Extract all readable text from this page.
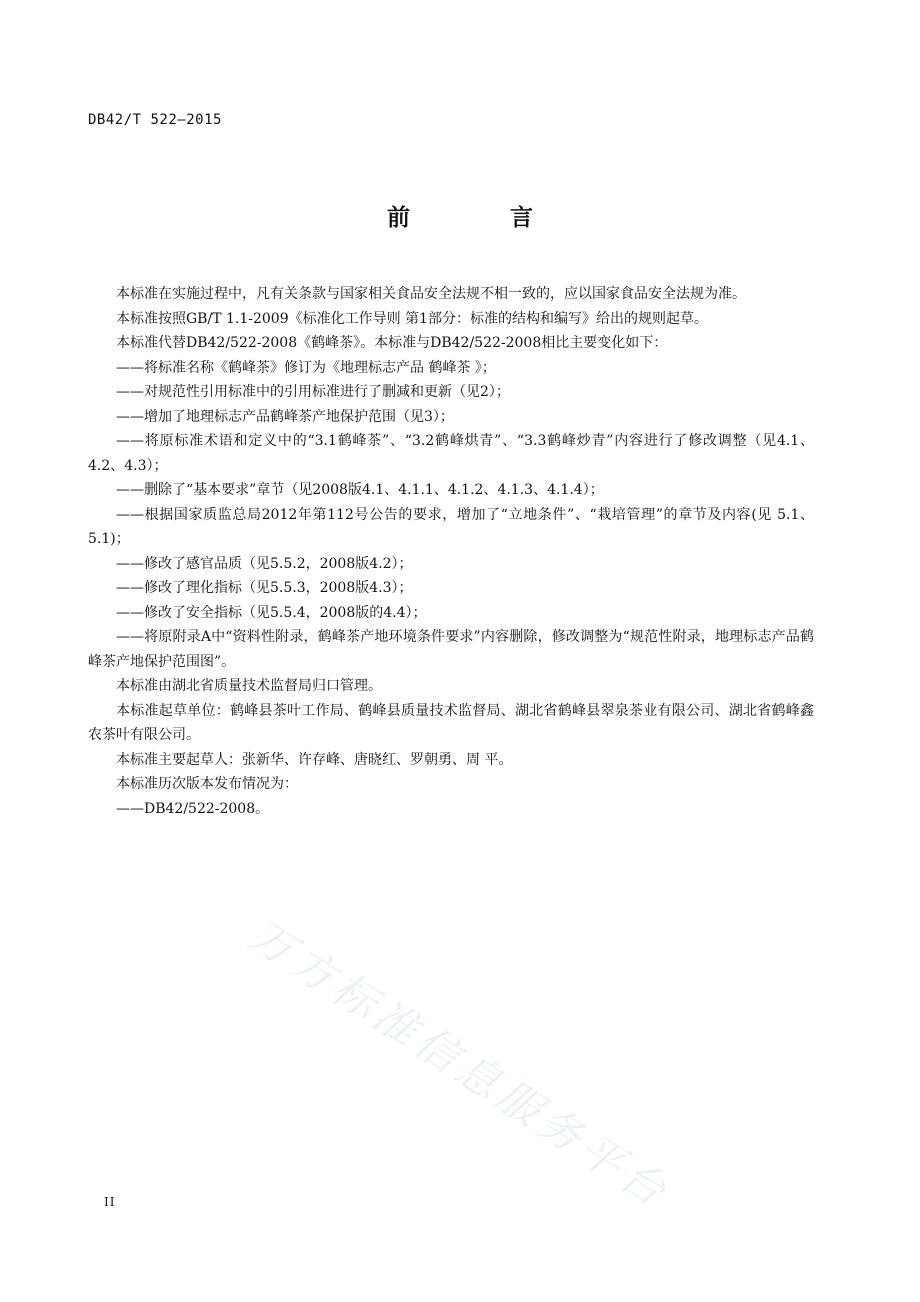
DB42/T 522—2015
前 言

本标准在实施过程中，凡有关条款与国家相关食品安全法规不相一致的，应以国家食品安全法规为准。

本标准按照GB/T 1.1-2009《标准化工作导则 第1部分：标准的结构和编写》给出的规则起草。

本标准代替DB42/522-2008《鹤峰茶》。本标准与DB42/522-2008相比主要变化如下：

——将标准名称《鹤峰茶》修订为《地理标志产品 鹤峰茶 》；

——对规范性引用标准中的引用标准进行了删减和更新（见2）；

——增加了地理标志产品鹤峰茶产地保护范围（见3）；

——将原标准术语和定义中的“3.1鹤峰茶”、“3.2鹤峰烘青”、“3.3鹤峰炒青”内容进行了修改调整（见4.1、4.2、4.3）；

——删除了“基本要求”章节（见2008版4.1、4.1.1、4.1.2、4.1.3、4.1.4）；

——根据国家质监总局2012年第112号公告的要求，增加了“立地条件”、“栽培管理”的章节及内容(见 5.1、5.1)；

——修改了感官品质（见5.5.2，2008版4.2）；

——修改了理化指标（见5.5.3，2008版4.3）；

——修改了安全指标（见5.5.4，2008版的4.4）；

——将原附录A中“资料性附录，鹤峰茶产地环境条件要求”内容删除，修改调整为“规范性附录，地理标志产品鹤峰茶产地保护范围图”。

本标准由湖北省质量技术监督局归口管理。

本标准起草单位：鹤峰县茶叶工作局、鹤峰县质量技术监督局、湖北省鹤峰县翠泉茶业有限公司、湖北省鹤峰鑫农茶叶有限公司。

本标准主要起草人：张新华、许存峰、唐晓红、罗朝勇、周 平。

本标准历次版本发布情况为：

——DB42/522-2008。

万方标准信息服务平台
II
